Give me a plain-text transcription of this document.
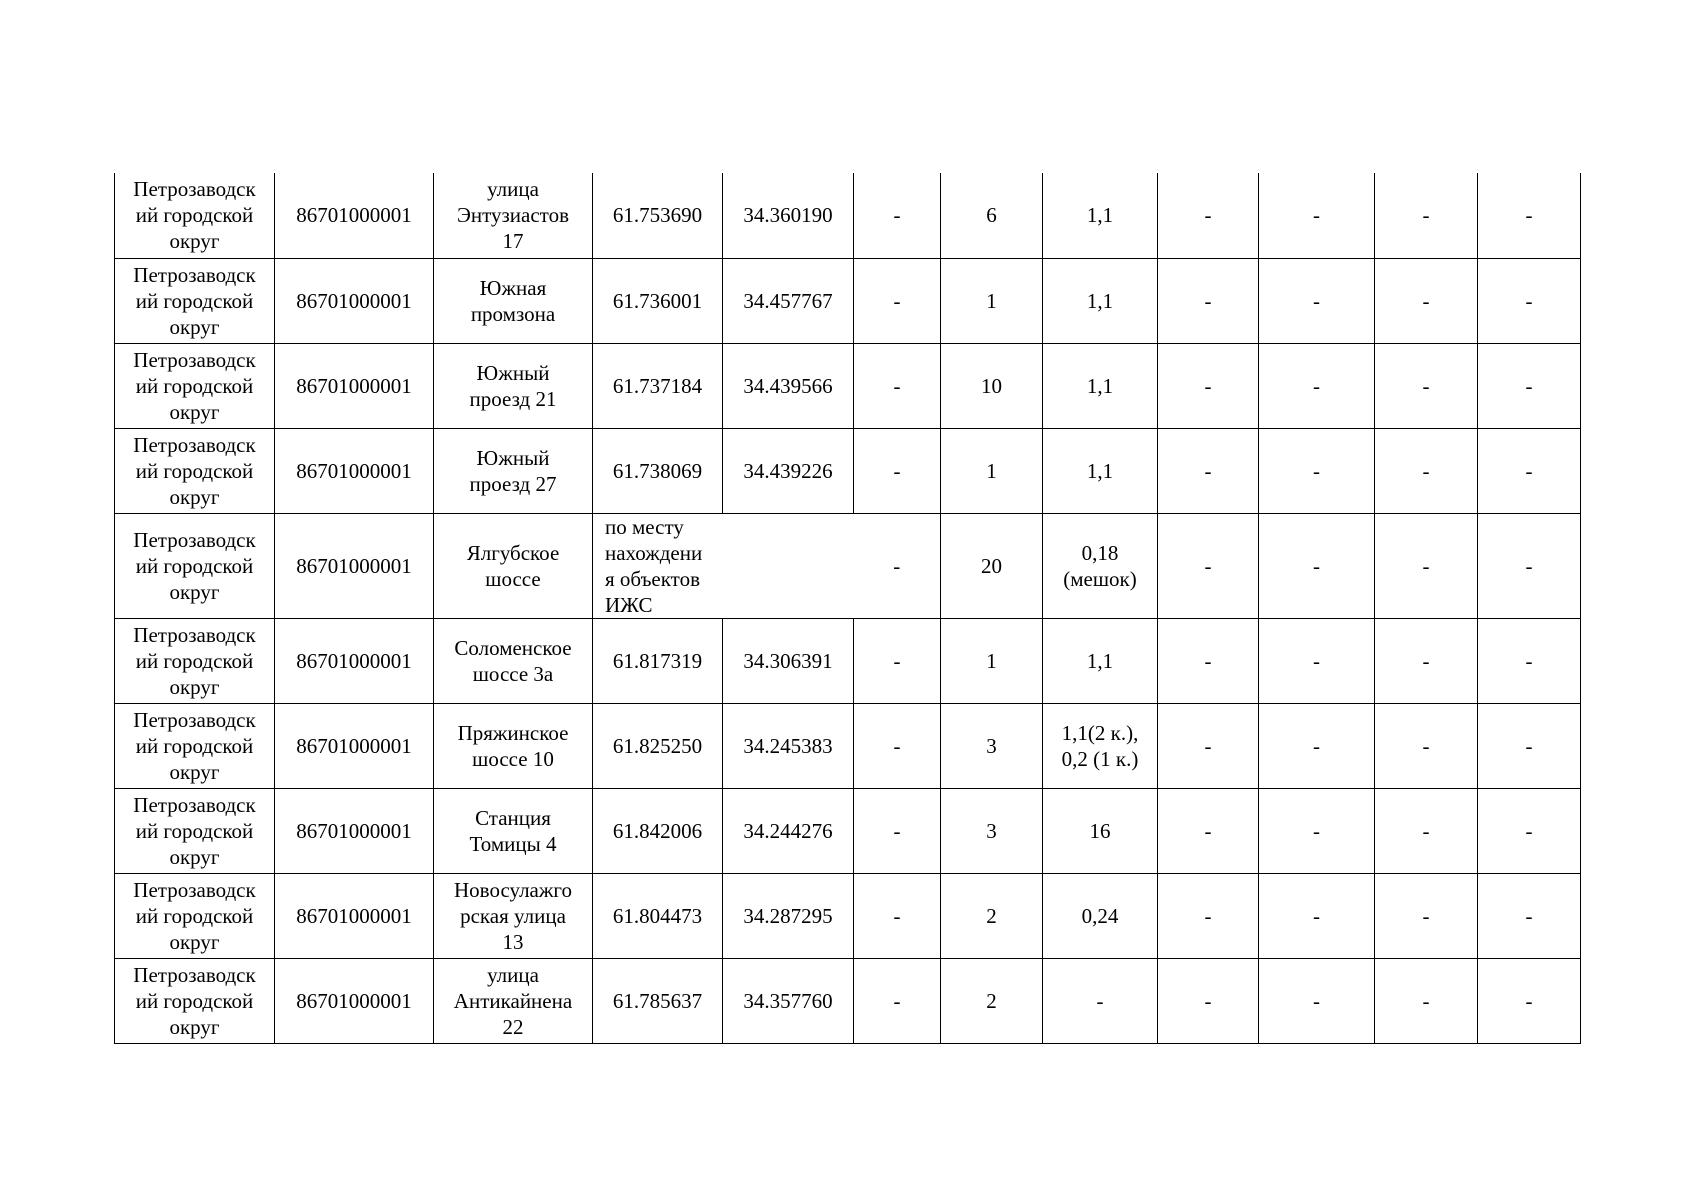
Петрозаводск
ий городской
округ	86701000001	улица
Энтузиастов
17	61.753690	34.360190	-	6	1,1	-	-	-	-

Петрозаводск
ий городской
округ	86701000001	Южная
промзона	61.736001	34.457767	-	1	1,1	-	-	-	-

Петрозаводск
ий городской
округ	86701000001	Южный
проезд 21	61.737184	34.439566	-	10	1,1	-	-	-	-

Петрозаводск
ий городской
округ	86701000001	Южный
проезд 27	61.738069	34.439226	-	1	1,1	-	-	-	-

Петрозаводск
ий городской
округ	86701000001	Ялгубское
шоссе	по месту
нахождени
я объектов
ИЖС		-	20	0,18
(мешок)	-	-	-	-

Петрозаводск
ий городской
округ	86701000001	Соломенское
шоссе 3а	61.817319	34.306391	-	1	1,1	-	-	-	-

Петрозаводск
ий городской
округ	86701000001	Пряжинское
шоссе 10	61.825250	34.245383	-	3	1,1(2 к.),
0,2 (1 к.)	-	-	-	-

Петрозаводск
ий городской
округ	86701000001	Станция
Томицы 4	61.842006	34.244276	-	3	16	-	-	-	-

Петрозаводск
ий городской
округ	86701000001	Новосулажго
рская улица
13	61.804473	34.287295	-	2	0,24	-	-	-	-

Петрозаводск
ий городской
округ	86701000001	улица
Антикайнена
22	61.785637	34.357760	-	2	-	-	-	-	-
